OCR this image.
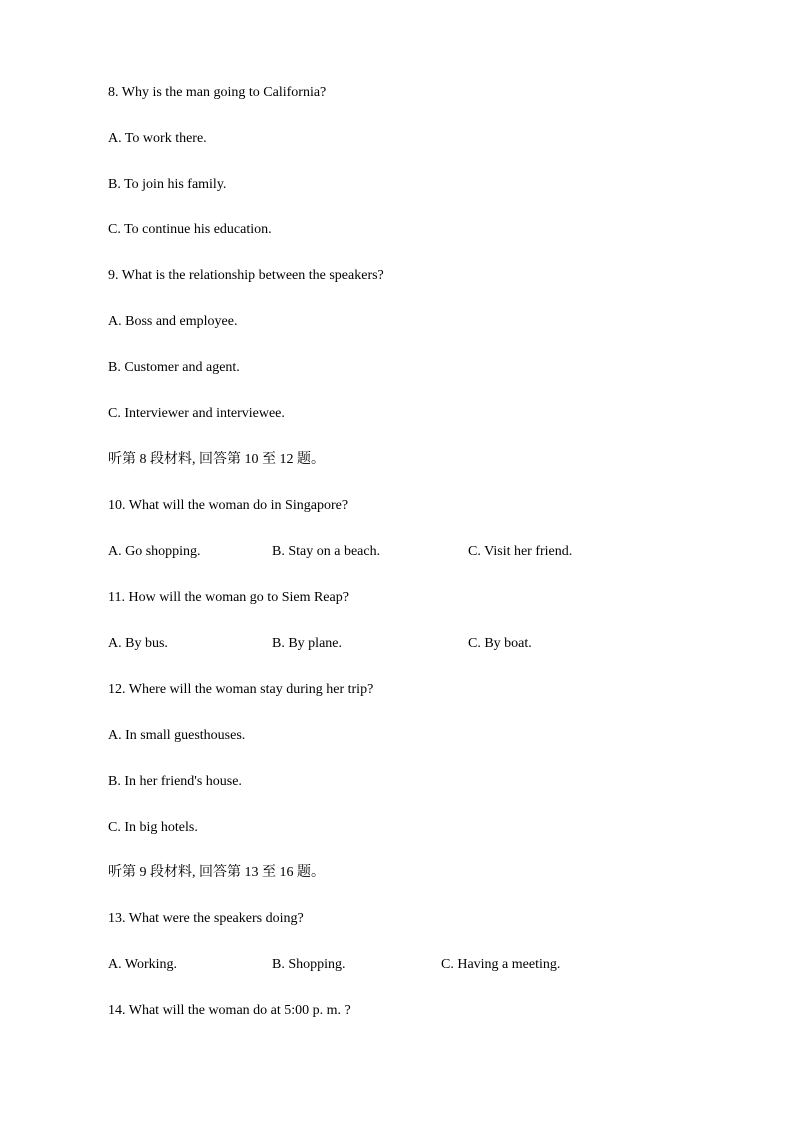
8. Why is the man going to California?
A. To work there.
B. To join his family.
C. To continue his education.
9. What is the relationship between the speakers?
A. Boss and employee.
B. Customer and agent.
C. Interviewer and interviewee.
听第 8 段材料, 回答第 10 至 12 题。
10. What will the woman do in Singapore?
A. Go shopping.	B. Stay on a beach.	C. Visit her friend.
11. How will the woman go to Siem Reap?
A. By bus.	B. By plane.	C. By boat.
12. Where will the woman stay during her trip?
A. In small guesthouses.
B. In her friend's house.
C. In big hotels.
听第 9 段材料, 回答第 13 至 16 题。
13. What were the speakers doing?
A. Working.	B. Shopping.	C. Having a meeting.
14. What will the woman do at 5:00 p. m. ?
